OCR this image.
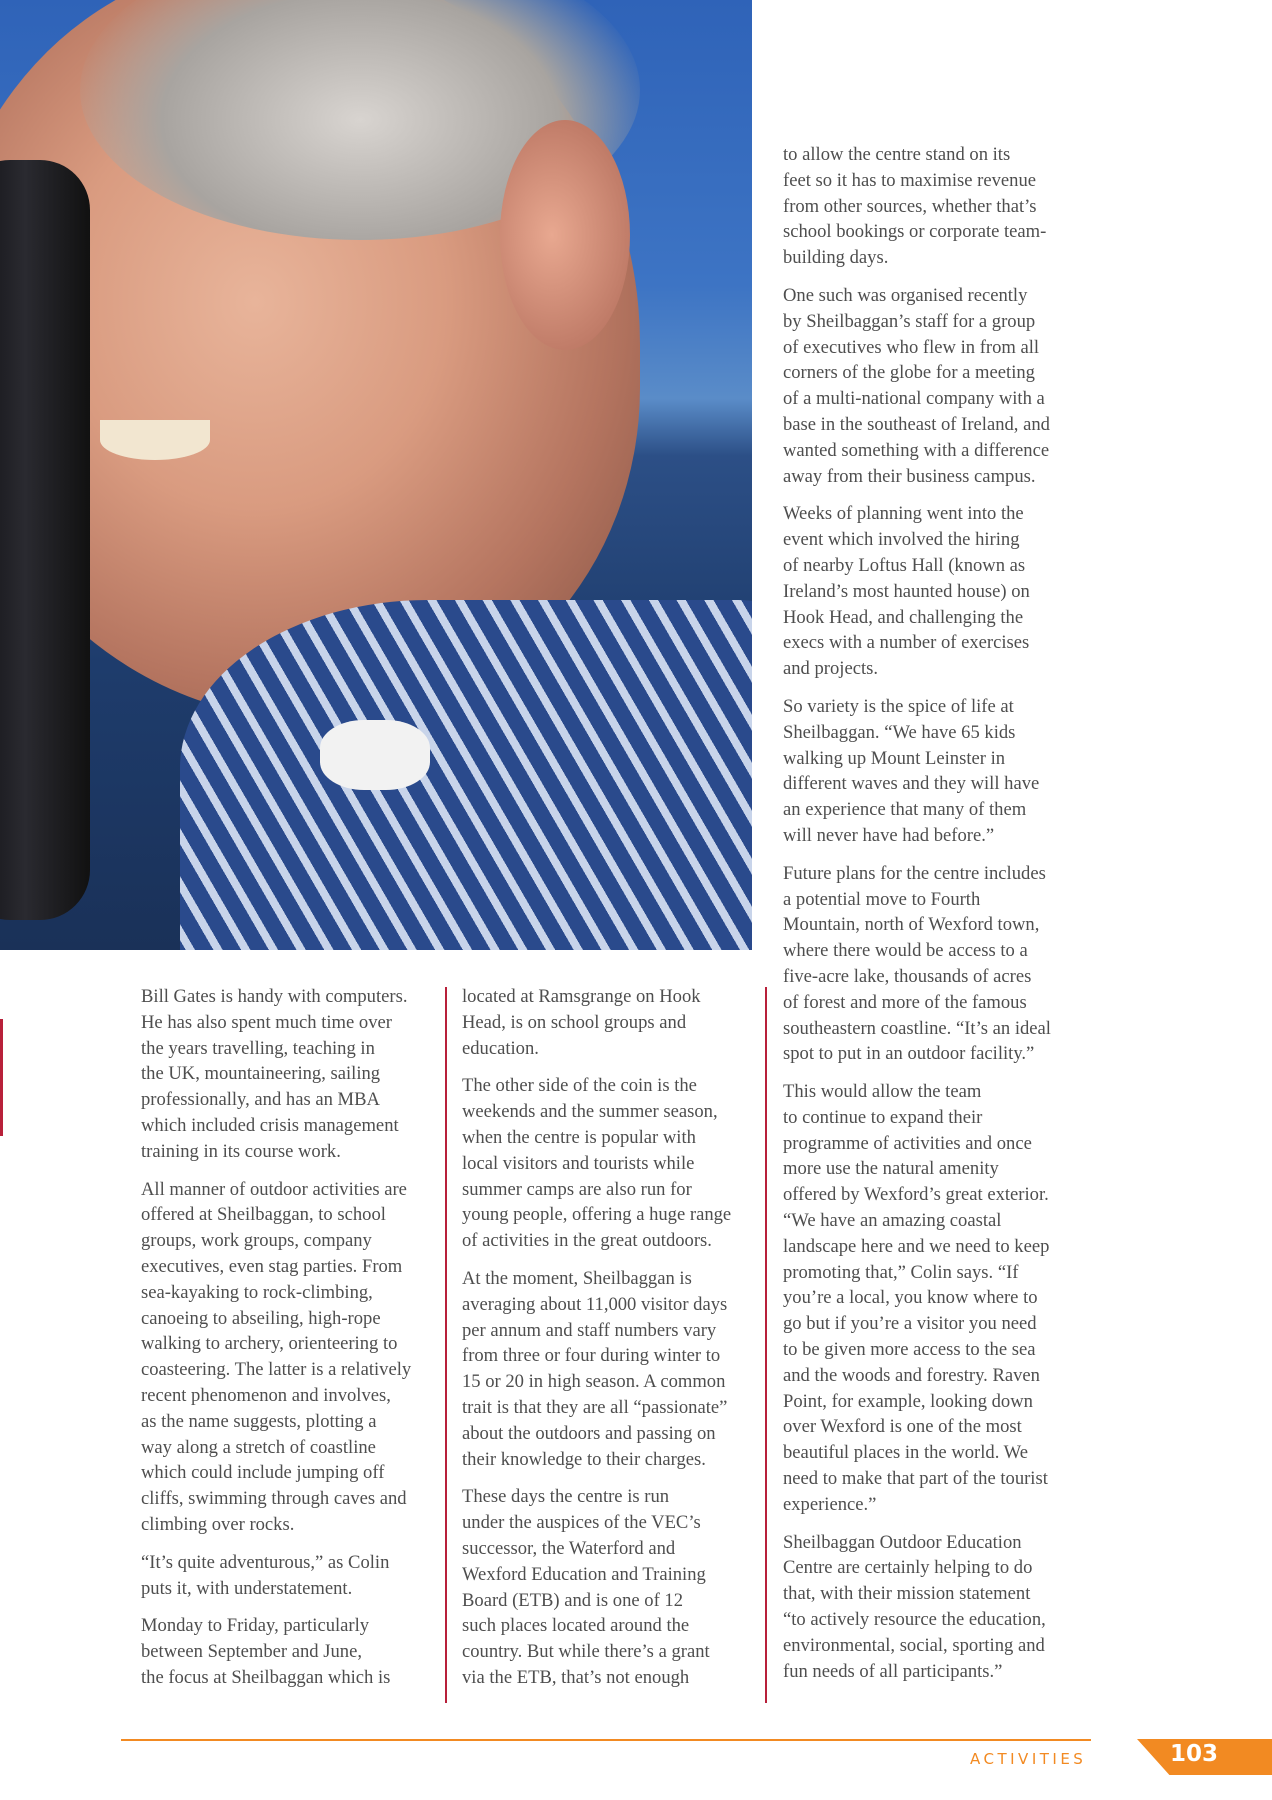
Bill Gates is handy with computers.
He has also spent much time over
the years travelling, teaching in
the UK, mountaineering, sailing
professionally, and has an MBA
which included crisis management
training in its course work.
All manner of outdoor activities are
offered at Sheilbaggan, to school
groups, work groups, company
executives, even stag parties. From
sea-kayaking to rock-climbing,
canoeing to abseiling, high-rope
walking to archery, orienteering to
coasteering. The latter is a relatively
recent phenomenon and involves,
as the name suggests, plotting a
way along a stretch of coastline
which could include jumping off
cliffs, swimming through caves and
climbing over rocks.
“It’s quite adventurous,” as Colin
puts it, with understatement.
Monday to Friday, particularly
between September and June,
the focus at Sheilbaggan which is
located at Ramsgrange on Hook
Head, is on school groups and
education.
The other side of the coin is the
weekends and the summer season,
when the centre is popular with
local visitors and tourists while
summer camps are also run for
young people, offering a huge range
of activities in the great outdoors.
At the moment, Sheilbaggan is
averaging about 11,000 visitor days
per annum and staff numbers vary
from three or four during winter to
15 or 20 in high season. A common
trait is that they are all “passionate”
about the outdoors and passing on
their knowledge to their charges.
These days the centre is run
under the auspices of the VEC’s
successor, the Waterford and
Wexford Education and Training
Board (ETB) and is one of 12
such places located around the
country. But while there’s a grant
via the ETB, that’s not enough
to allow the centre stand on its
feet so it has to maximise revenue
from other sources, whether that’s
school bookings or corporate team-
building days.
One such was organised recently
by Sheilbaggan’s staff for a group
of executives who flew in from all
corners of the globe for a meeting
of a multi-national company with a
base in the southeast of Ireland, and
wanted something with a difference
away from their business campus.
Weeks of planning went into the
event which involved the hiring
of nearby Loftus Hall (known as
Ireland’s most haunted house) on
Hook Head, and challenging the
execs with a number of exercises
and projects.
So variety is the spice of life at
Sheilbaggan. “We have 65 kids
walking up Mount Leinster in
different waves and they will have
an experience that many of them
will never have had before.”
Future plans for the centre includes
a potential move to Fourth
Mountain, north of Wexford town,
where there would be access to a
five-acre lake, thousands of acres
of forest and more of the famous
southeastern coastline. “It’s an ideal
spot to put in an outdoor facility.”
This would allow the team
to continue to expand their
programme of activities and once
more use the natural amenity
offered by Wexford’s great exterior.
“We have an amazing coastal
landscape here and we need to keep
promoting that,” Colin says. “If
you’re a local, you know where to
go but if you’re a visitor you need
to be given more access to the sea
and the woods and forestry. Raven
Point, for example, looking down
over Wexford is one of the most
beautiful places in the world. We
need to make that part of the tourist
experience.”
Sheilbaggan Outdoor Education
Centre are certainly helping to do
that, with their mission statement
“to actively resource the education,
environmental, social, sporting and
fun needs of all participants.”
ACTIVITIES	103
